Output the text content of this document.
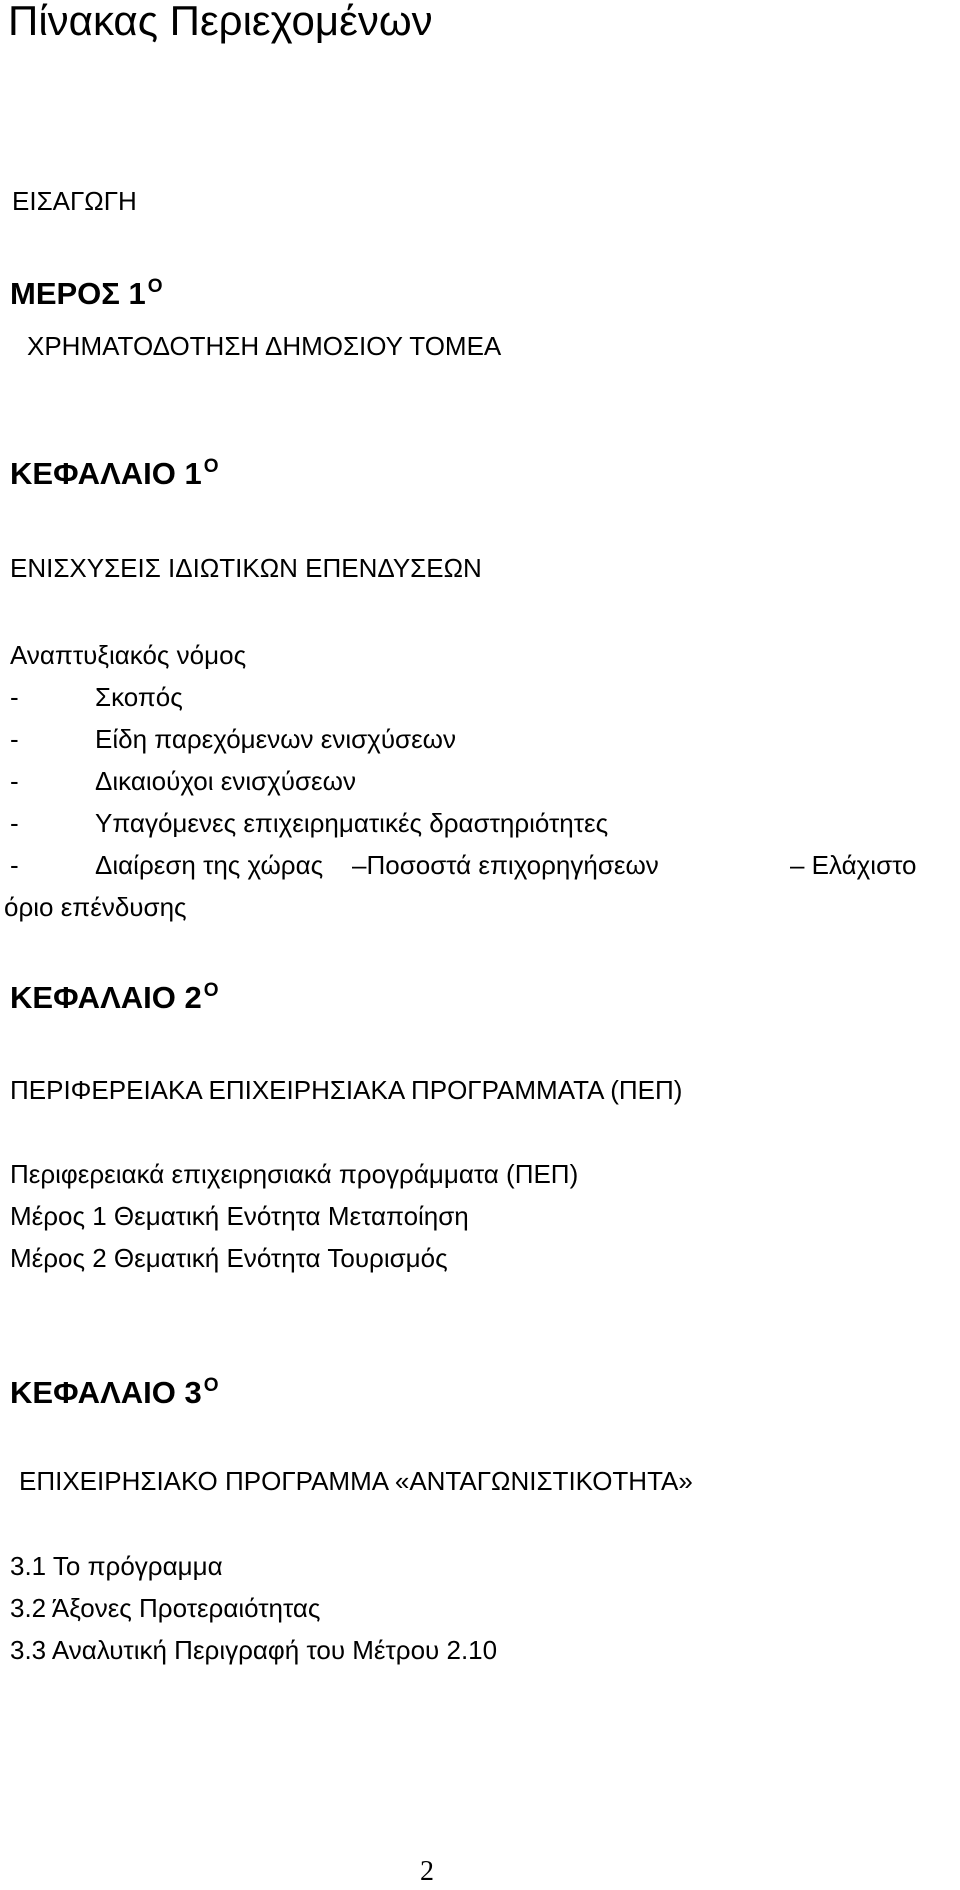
Πίνακας Περιεχομένων
ΕΙΣΑΓΩΓΗ
ΜΕΡΟΣ 1 $^O$
ΧΡΗΜΑΤΟΔΟΤΗΣΗ ΔΗΜΟΣΙΟΥ ΤΟΜΕΑ
ΚΕΦΑΛΑΙΟ 1 $^O$
ΕΝΙΣΧΥΣΕΙΣ ΙΔΙΩΤΙΚΩΝ ΕΠΕΝΔΥΣΕΩΝ
Αναπτυξιακός νόμος
-	Σκοπός
-	Είδη παρεχόμενων ενισχύσεων
-	Δικαιούχοι ενισχύσεων
-	Υπαγόμενες επιχειρηματικές δραστηριότητες
-	Διαίρεση της χώρας –Ποσοστά επιχορηγήσεων	– Ελάχιστο
όριο επένδυσης
ΚΕΦΑΛΑΙΟ 2 $^O$
ΠΕΡΙΦΕΡΕΙΑΚΑ ΕΠΙΧΕΙΡΗΣΙΑΚΑ ΠΡΟΓΡΑΜΜΑΤΑ (ΠΕΠ)
Περιφερειακά επιχειρησιακά προγράμματα (ΠΕΠ)
Μέρος 1 Θεματική Ενότητα Μεταποίηση
Μέρος 2 Θεματική Ενότητα Τουρισμός
ΚΕΦΑΛΑΙΟ 3 $^O$
ΕΠΙΧΕΙΡΗΣΙΑΚΟ ΠΡΟΓΡΑΜΜΑ «ΑΝΤΑΓΩΝΙΣΤΙΚΟΤΗΤΑ»
3.1 Το πρόγραμμα
3.2 Άξονες Προτεραιότητας
3.3 Αναλυτική Περιγραφή του Μέτρου 2.10
2
